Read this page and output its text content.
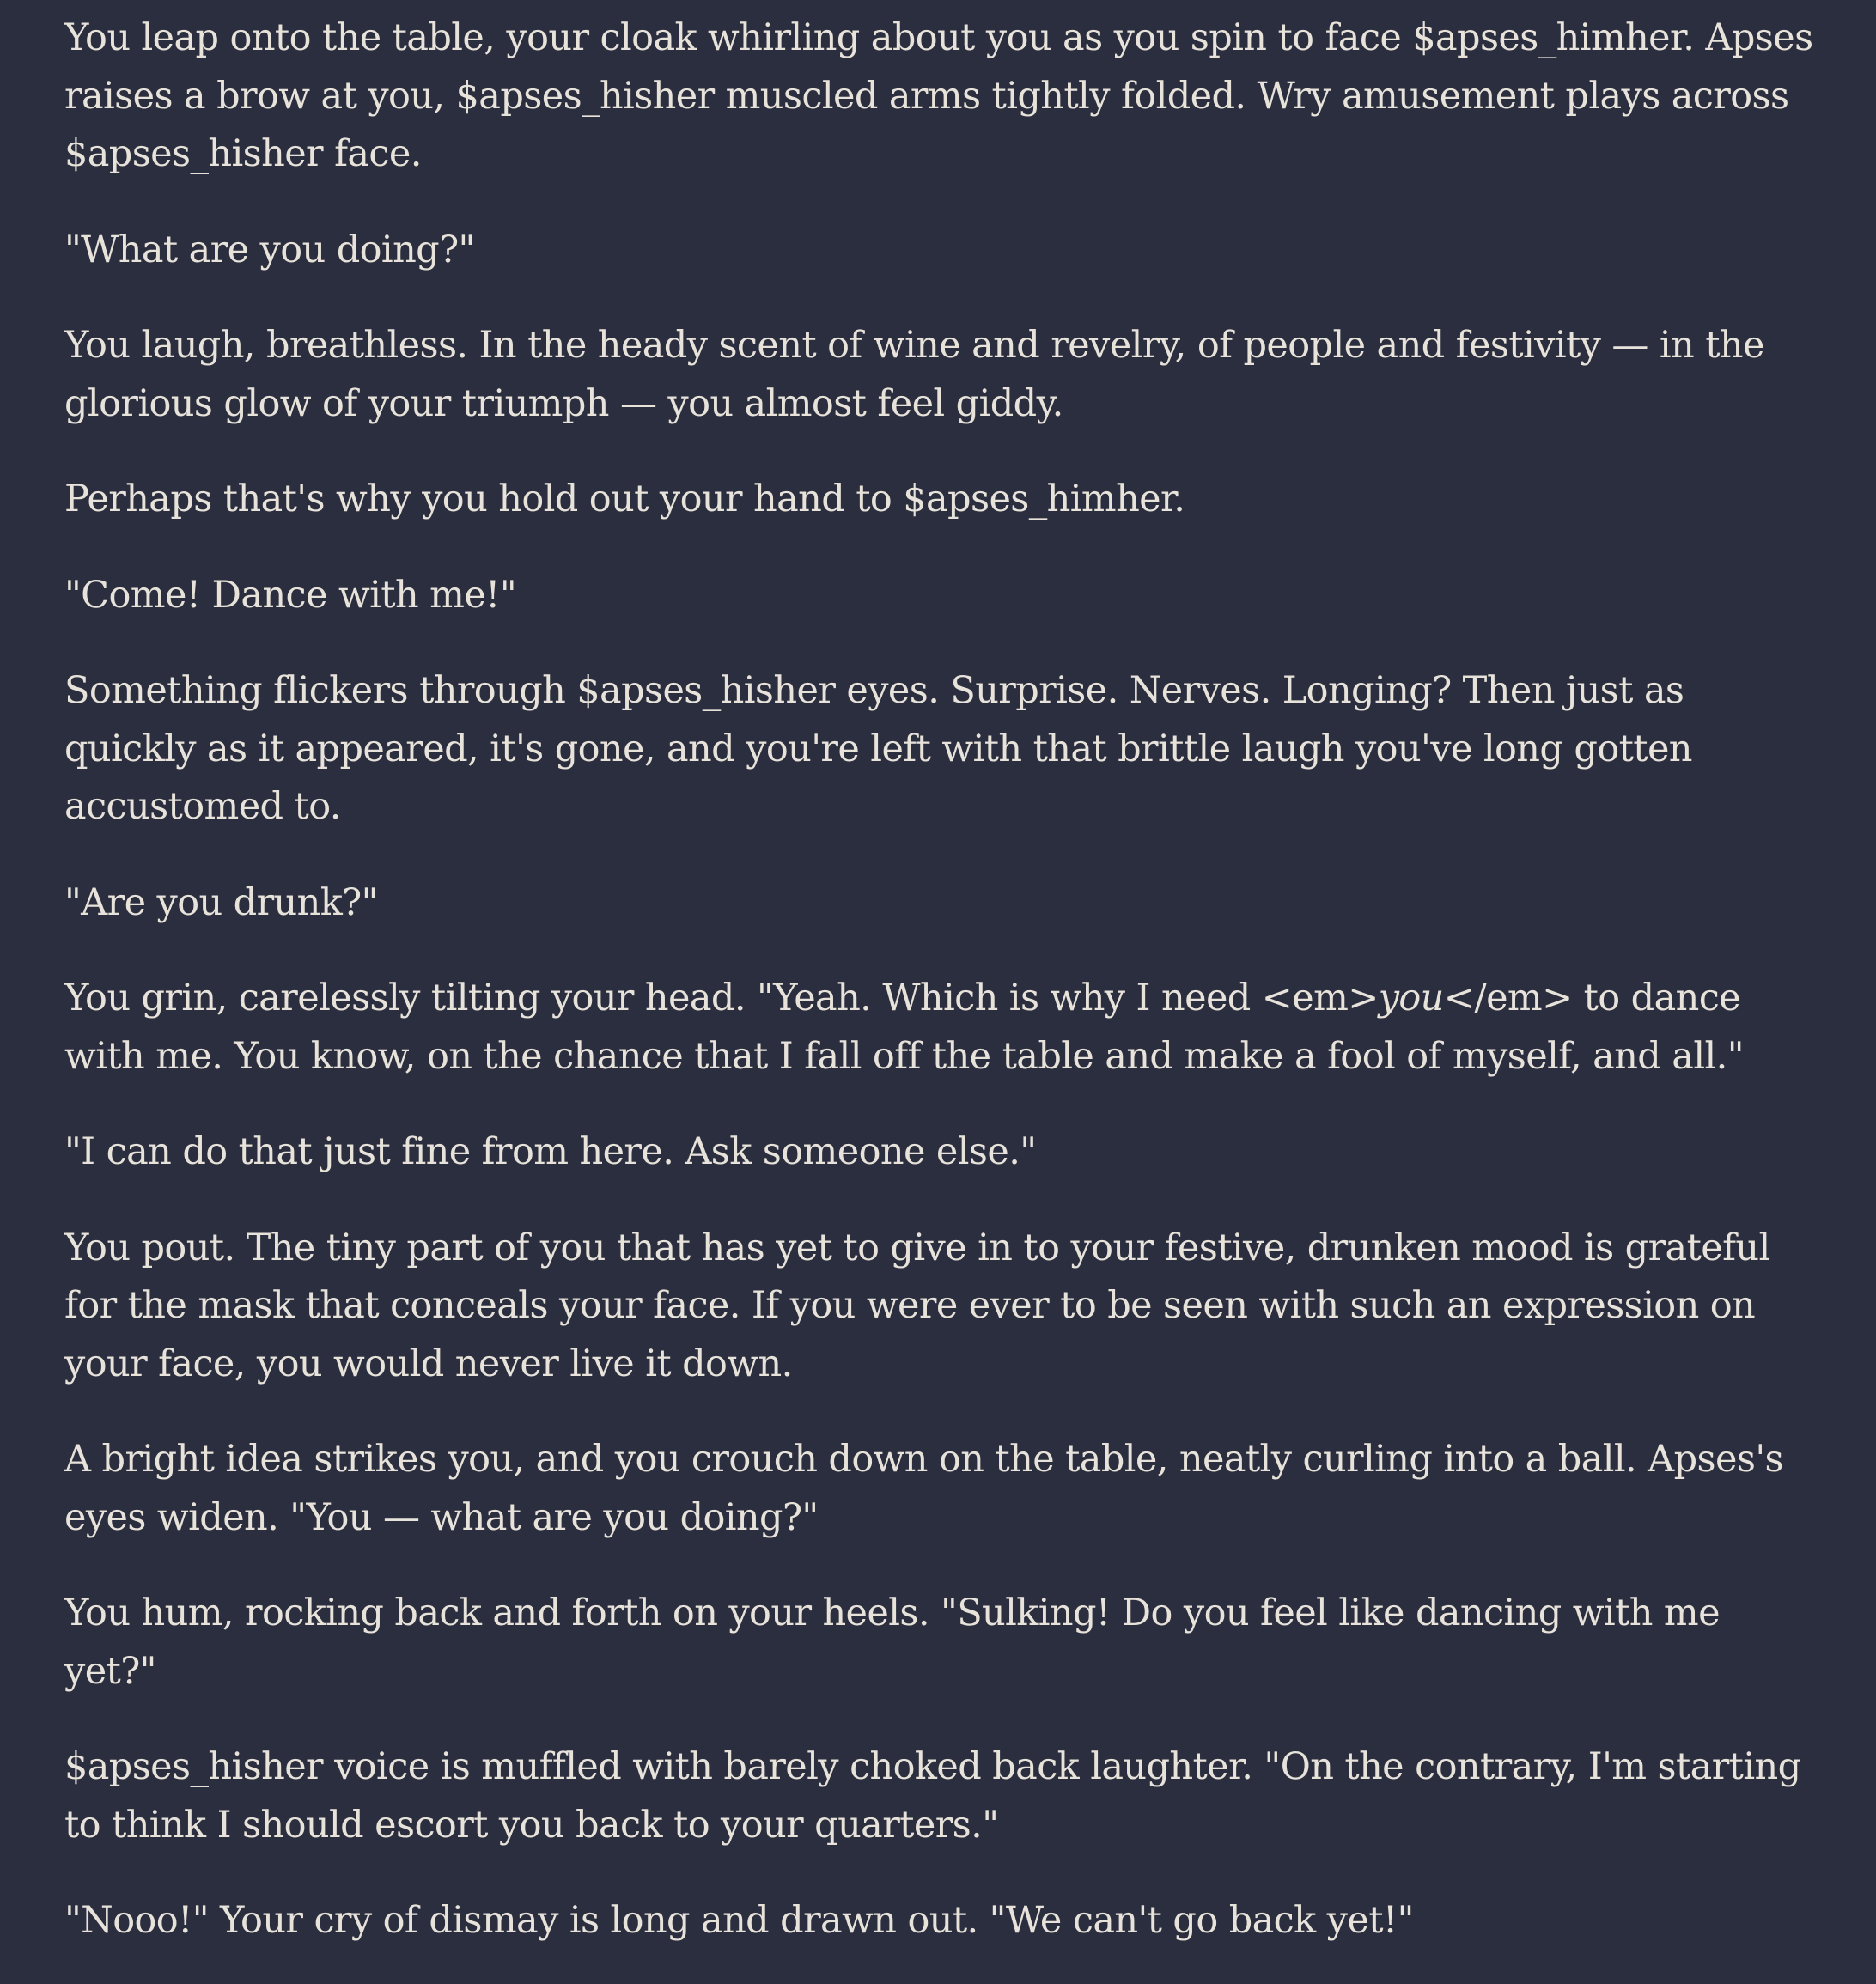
You leap onto the table, your cloak whirling about you as you spin to face $apses_himher. Apses raises a brow at you, $apses_hisher muscled arms tightly folded. Wry amusement plays across $apses_hisher face.

"What are you doing?"

You laugh, breathless. In the heady scent of wine and revelry, of people and festivity — in the glorious glow of your triumph — you almost feel giddy.

Perhaps that's why you hold out your hand to $apses_himher.

"Come! Dance with me!"

Something flickers through $apses_hisher eyes. Surprise. Nerves. Longing? Then just as quickly as it appeared, it's gone, and you're left with that brittle laugh you've long gotten accustomed to.

"Are you drunk?"

You grin, carelessly tilting your head. "Yeah. Which is why I need <em>you</em> to dance with me. You know, on the chance that I fall off the table and make a fool of myself, and all."

"I can do that just fine from here. Ask someone else."

You pout. The tiny part of you that has yet to give in to your festive, drunken mood is grateful for the mask that conceals your face. If you were ever to be seen with such an expression on your face, you would never live it down.

A bright idea strikes you, and you crouch down on the table, neatly curling into a ball. Apses's eyes widen. "You — what are you doing?"

You hum, rocking back and forth on your heels. "Sulking! Do you feel like dancing with me yet?"

$apses_hisher voice is muffled with barely choked back laughter. "On the contrary, I'm starting to think I should escort you back to your quarters."

"Nooo!" Your cry of dismay is long and drawn out. "We can't go back yet!"
